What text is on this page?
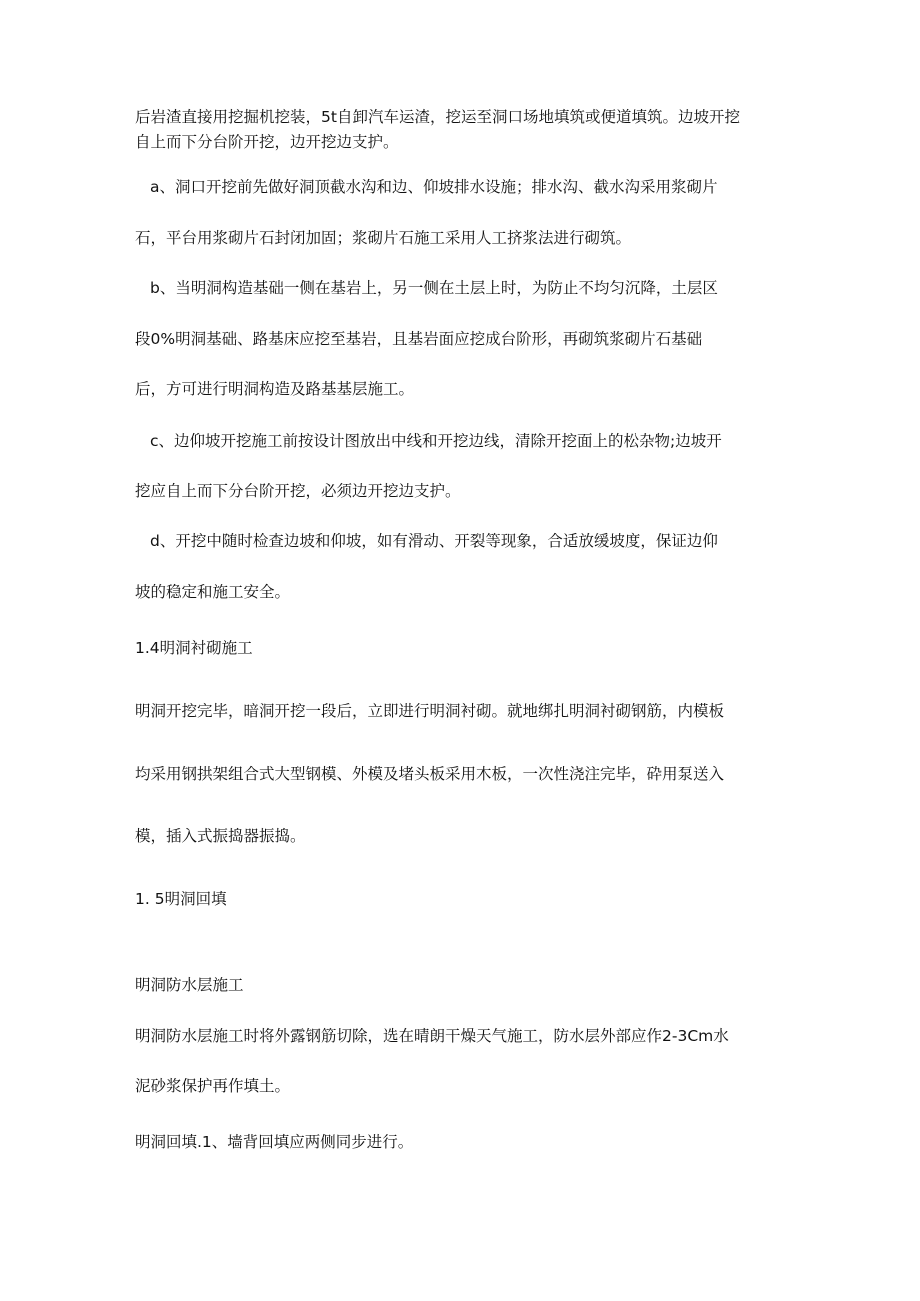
后岩渣直接用挖掘机挖装，5t自卸汽车运渣，挖运至洞口场地填筑或便道填筑。边坡开挖
自上而下分台阶开挖，边开挖边支护。
a、洞口开挖前先做好洞顶截水沟和边、仰坡排水设施；排水沟、截水沟采用浆砌片
石，平台用浆砌片石封闭加固；浆砌片石施工采用人工挤浆法进行砌筑。
b、当明洞构造基础一侧在基岩上，另一侧在土层上时，为防止不均匀沉降，土层区
段0%明洞基础、路基床应挖至基岩，且基岩面应挖成台阶形，再砌筑浆砌片石基础
后，方可进行明洞构造及路基基层施工。
c、边仰坡开挖施工前按设计图放出中线和开挖边线，清除开挖面上的松杂物;边坡开
挖应自上而下分台阶开挖，必须边开挖边支护。
d、开挖中随时检查边坡和仰坡，如有滑动、开裂等现象，合适放缓坡度，保证边仰
坡的稳定和施工安全。
1.4明洞衬砌施工
明洞开挖完毕，暗洞开挖一段后，立即进行明洞衬砌。就地绑扎明洞衬砌钢筋，内模板
均采用钢拱架组合式大型钢模、外模及堵头板采用木板，一次性浇注完毕，砕用泵送入
模，插入式振捣器振捣。
1. 5明洞回填
明洞防水层施工
明洞防水层施工时将外露钢筋切除，选在晴朗干燥天气施工，防水层外部应作2-3Cm水
泥砂浆保护再作填土。
明洞回填.1、墙背回填应两侧同步进行。
